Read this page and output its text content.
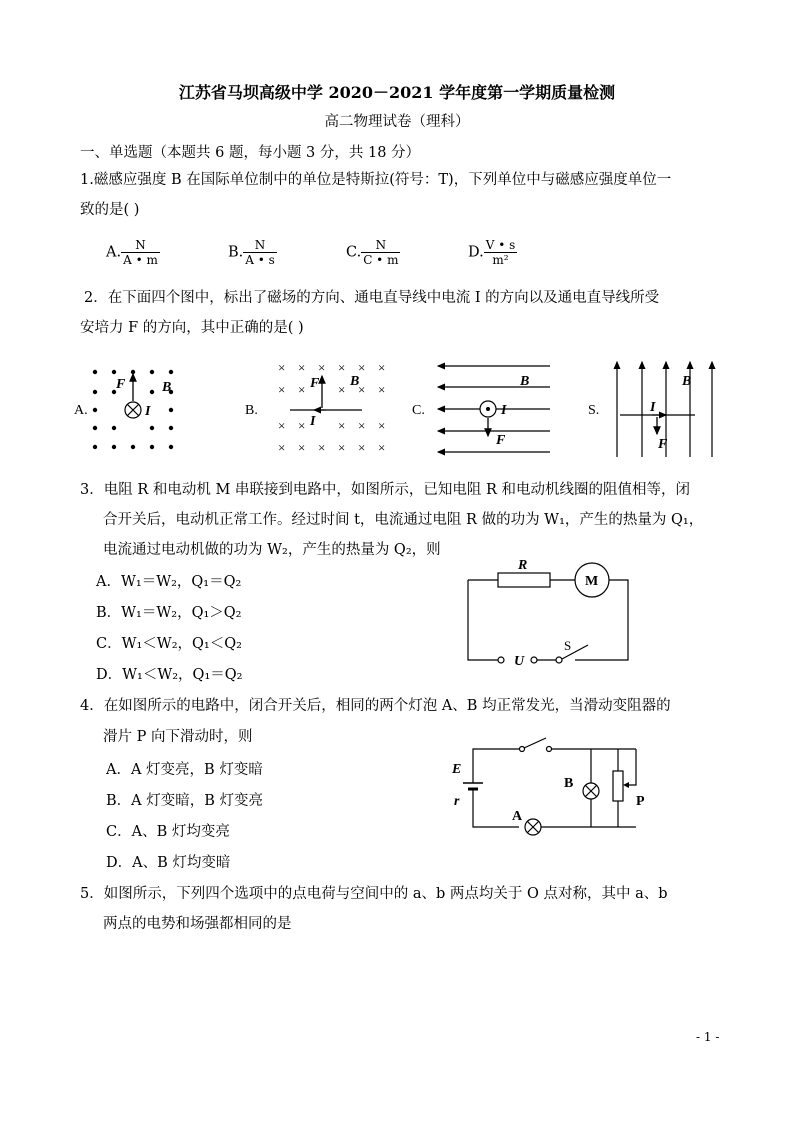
江苏省马坝高级中学 2020－2021 学年度第一学期质量检测
高二物理试卷（理科）
一、单选题（本题共 6 题，每小题 3 分，共 18 分）
1.磁感应强度 B 在国际单位制中的单位是特斯拉(符号：T)，下列单位中与磁感应强度单位一
致的是( )
A. $\frac{N}{A • m}$	B. $\frac{N}{A • s}$	C. $\frac{N}{C • m}$	D. $\frac{V • s}{\text{m²}}$
2．在下面四个图中，标出了磁场的方向、通电直导线中电流 I 的方向以及通电直导线所受
安培力 F 的方向，其中正确的是( )
A.
F	B
I	B.
× × × × × ×
× ×	× × ×
× ×	× × ×
× × × × × ×
F B
I
C.
B
I
F
S.
B
I
F
3．电阻 R 和电动机 M 串联接到电路中，如图所示，已知电阻 R 和电动机线圈的阻值相等，闭
合开关后，电动机正常工作。经过时间 t，电流通过电阻 R 做的功为 W₁，产生的热量为 Q₁，
电流通过电动机做的功为 W₂，产生的热量为 Q₂，则
A．W₁＝W₂，Q₁＝Q₂
B．W₁＝W₂，Q₁＞Q₂
C．W₁＜W₂，Q₁＜Q₂
D．W₁＜W₂，Q₁＝Q₂
R
M
U
S
4．在如图所示的电路中，闭合开关后，相同的两个灯泡 A、B 均正常发光，当滑动变阻器的
滑片 P 向下滑动时，则
A．A 灯变亮，B 灯变暗
B．A 灯变暗，B 灯变亮
C．A、B 灯均变亮
D．A、B 灯均变暗
E
r
A
B
P
5．如图所示，下列四个选项中的点电荷与空间中的 a、b 两点均关于 O 点对称，其中 a、b
两点的电势和场强都相同的是
- 1 -
